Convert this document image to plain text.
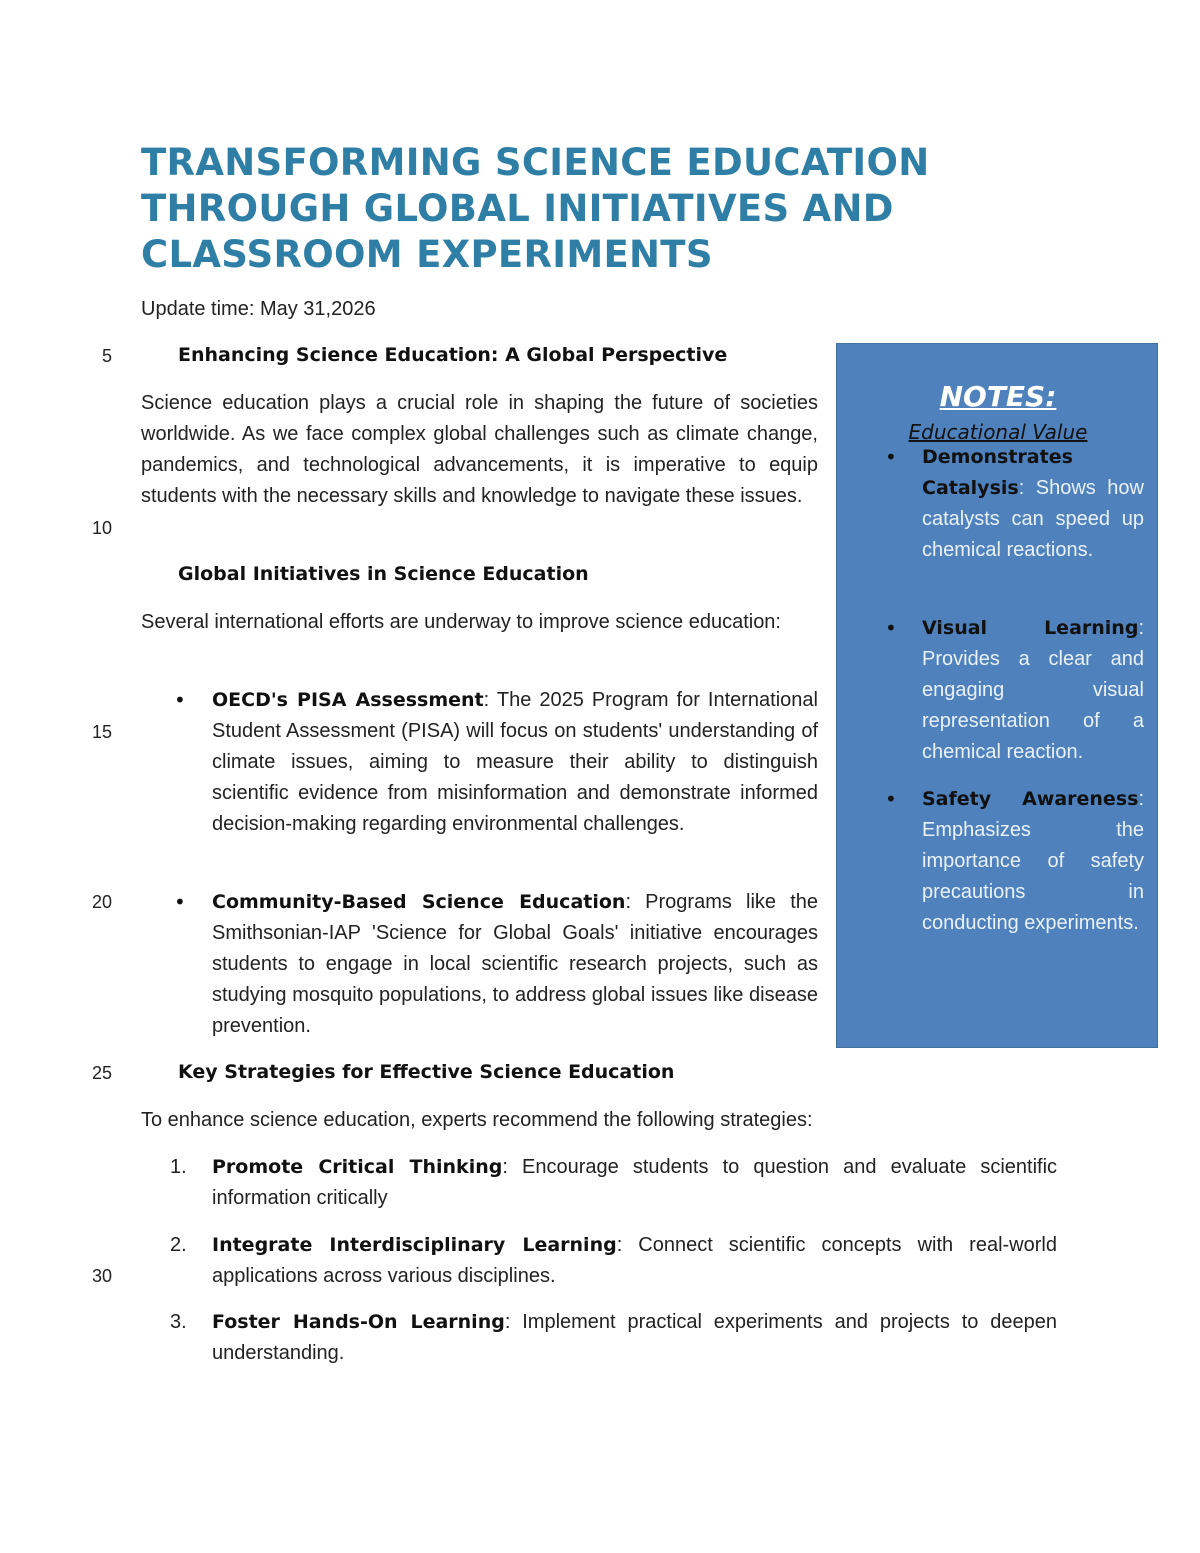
TRANSFORMING SCIENCE EDUCATION THROUGH GLOBAL INITIATIVES AND CLASSROOM EXPERIMENTS
Update time: May 31,2026
5
10
15
20
25
30
Enhancing Science Education: A Global Perspective

Science education plays a crucial role in shaping the future of societies worldwide. As we face complex global challenges such as climate change, pandemics, and technological advancements, it is imperative to equip students with the necessary skills and knowledge to navigate these issues.

Global Initiatives in Science Education

Several international efforts are underway to improve science education:

• OECD's PISA Assessment: The 2025 Program for International Student Assessment (PISA) will focus on students' understanding of climate issues, aiming to measure their ability to distinguish scientific evidence from misinformation and demonstrate informed decision-making regarding environmental challenges.

• Community-Based Science Education: Programs like the Smithsonian-IAP 'Science for Global Goals' initiative encourages students to engage in local scientific research projects, such as studying mosquito populations, to address global issues like disease prevention.

Key Strategies for Effective Science Education

To enhance science education, experts recommend the following strategies:

1.	Promote Critical Thinking: Encourage students to question and evaluate scientific information critically

2.	Integrate Interdisciplinary Learning: Connect scientific concepts with real-world applications across various disciplines.

3.	Foster Hands-On Learning: Implement practical experiments and projects to deepen understanding.

NOTES:
Educational Value
• Demonstrates Catalysis: Shows how catalysts can speed up chemical reactions.

• Visual Learning: Provides a clear and engaging visual representation of a chemical reaction.

• Safety Awareness: Emphasizes the importance of safety precautions in conducting experiments.
